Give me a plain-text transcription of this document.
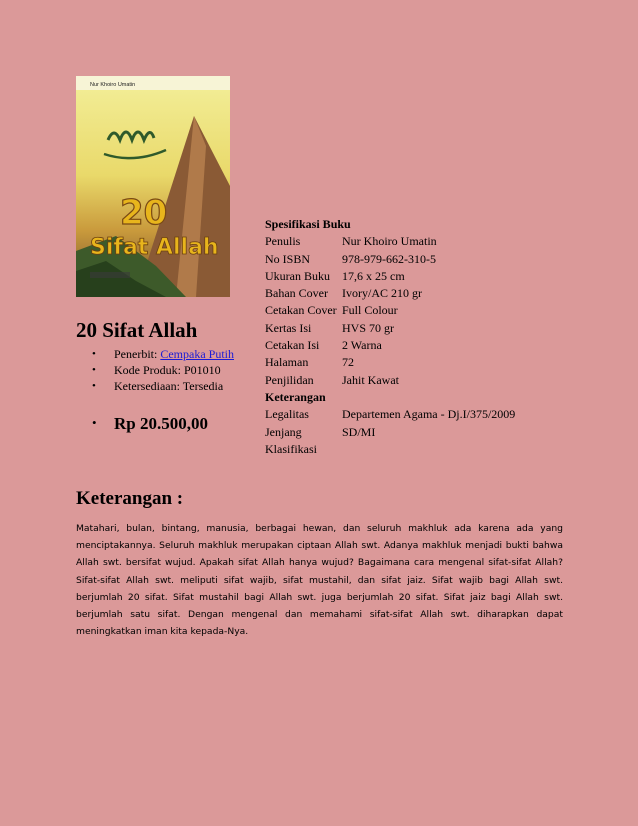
20
Sifat Allah
Nur Khoiro Umatin
20 Sifat Allah
• Penerbit: Cempaka Putih
• Kode Produk: P01010
• Ketersediaan: Tersedia
• Rp 20.500,00
Spesifikasi Buku	
Penulis	Nur Khoiro Umatin
No ISBN	978-979-662-310-5
Ukuran Buku	17,6 x 25 cm
Bahan Cover	Ivory/AC 210 gr
Cetakan Cover	Full Colour
Kertas Isi	HVS 70 gr
Cetakan Isi	2 Warna
Halaman	72
Penjilidan	Jahit Kawat
Keterangan	
Legalitas	Departemen Agama - Dj.I/375/2009
Jenjang	SD/MI
Klasifikasi	
Keterangan :

Matahari, bulan, bintang, manusia, berbagai hewan, dan seluruh makhluk ada karena ada yang menciptakannya. Seluruh makhluk merupakan ciptaan Allah swt. Adanya makhluk menjadi bukti bahwa Allah swt. bersifat wujud. Apakah sifat Allah hanya wujud? Bagaimana cara mengenal sifat-sifat Allah?Sifat-sifat Allah swt. meliputi sifat wajib, sifat mustahil, dan sifat jaiz. Sifat wajib bagi Allah swt. berjumlah 20 sifat. Sifat mustahil bagi Allah swt. juga berjumlah 20 sifat. Sifat jaiz bagi Allah swt. berjumlah satu sifat. Dengan mengenal dan memahami sifat-sifat Allah swt. diharapkan dapat meningkatkan iman kita kepada-Nya.
